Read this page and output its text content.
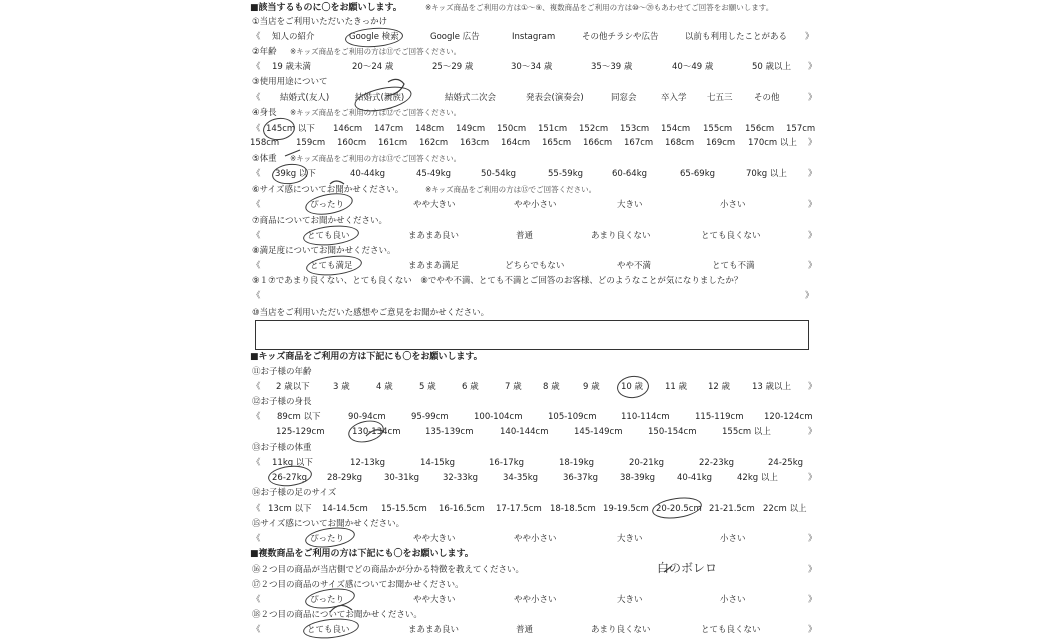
■該当するものに〇をお願いします。	※キッズ商品をご利用の方は①〜⑨、複数商品をご利用の方は⑩〜⑳もあわせてご回答をお願いします。
①当店をご利用いただいたきっかけ
《 知人の紹介	Google 検索	Google 広告	Instagram	その他チラシや広告	以前も利用したことがある 》
②年齢 ※キッズ商品をご利用の方は⑪でご回答ください。
《 19 歳未満	20〜24 歳	25〜29 歳	30〜34 歳	35〜39 歳	40〜49 歳	50 歳以上 》
③使用用途について
《 結婚式(友人)	結婚式(親族)	結婚式二次会	発表会(演奏会)	同窓会	卒入学 七五三	その他	》
④身長 ※キッズ商品をご利用の方は⑫でご回答ください。
《 145cm 以下 146cm 147cm 148cm 149cm 150cm 151cm 152cm 153cm 154cm 155cm 156cm 157cm
158cm 159cm 160cm 161cm 162cm 163cm 164cm 165cm 166cm 167cm 168cm 169cm 170cm 以上 》
⑤体重 ※キッズ商品をご利用の方は⑬でご回答ください。
《 39kg 以下	40-44kg	45-49kg	50-54kg	55-59kg	60-64kg	65-69kg	70kg 以上 》
⑥サイズ感についてお聞かせください。	※キッズ商品をご利用の方は⑮でご回答ください。
《	ぴったり	やや大きい	やや小さい	大きい	小さい	》
⑦商品についてお聞かせください。
《	とても良い	まあまあ良い	普通	あまり良くない	とても良くない	》
⑧満足度についてお聞かせください。
《	とても満足	まあまあ満足	どちらでもない	やや不満	とても不満	》
⑨１⑦であまり良くない、とても良くない　⑧でやや不満、とても不満とご回答のお客様、どのようなことが気になりましたか？
《	》
⑩当店をご利用いただいた感想やご意見をお聞かせください。
■キッズ商品をご利用の方は下記にも〇をお願いします。
⑪お子様の年齢
《 2 歳以下	3 歳	4 歳	5 歳	6 歳	7 歳	8 歳	9 歳	10 歳	11 歳 12 歳	13 歳以上 》
⑫お子様の身長
《 89cm 以下	90-94cm	95-99cm	100-104cm	105-109cm	110-114cm	115-119cm 120-124cm
125-129cm	130-134cm	135-139cm	140-144cm	145-149cm	150-154cm	155cm 以上	》
⑬お子様の体重
《 11kg 以下	12-13kg	14-15kg	16-17kg	18-19kg	20-21kg	22-23kg	24-25kg
26-27kg 28-29kg	30-31kg	32-33kg	34-35kg	36-37kg	38-39kg	40-41kg	42kg 以上	》
⑭お子様の足のサイズ
《 13cm 以下 14-14.5cm 15-15.5cm 16-16.5cm 17-17.5cm 18-18.5cm 19-19.5cm 20-20.5cm 21-21.5cm 22cm 以上
⑮サイズ感についてお聞かせください。
《	ぴったり	やや大きい	やや小さい	大きい	小さい	》
■複数商品をご利用の方は下記にも〇をお願いします。
⑯２つ目の商品が当店側でどの商品かが分かる特徴を教えてください。	》
白のボレロ
⑰２つ目の商品のサイズ感についてお聞かせください。
《	ぴったり	やや大きい	やや小さい	大きい	小さい	》
⑱２つ目の商品についてお聞かせください。
《	とても良い	まあまあ良い	普通	あまり良くない	とても良くない	》
